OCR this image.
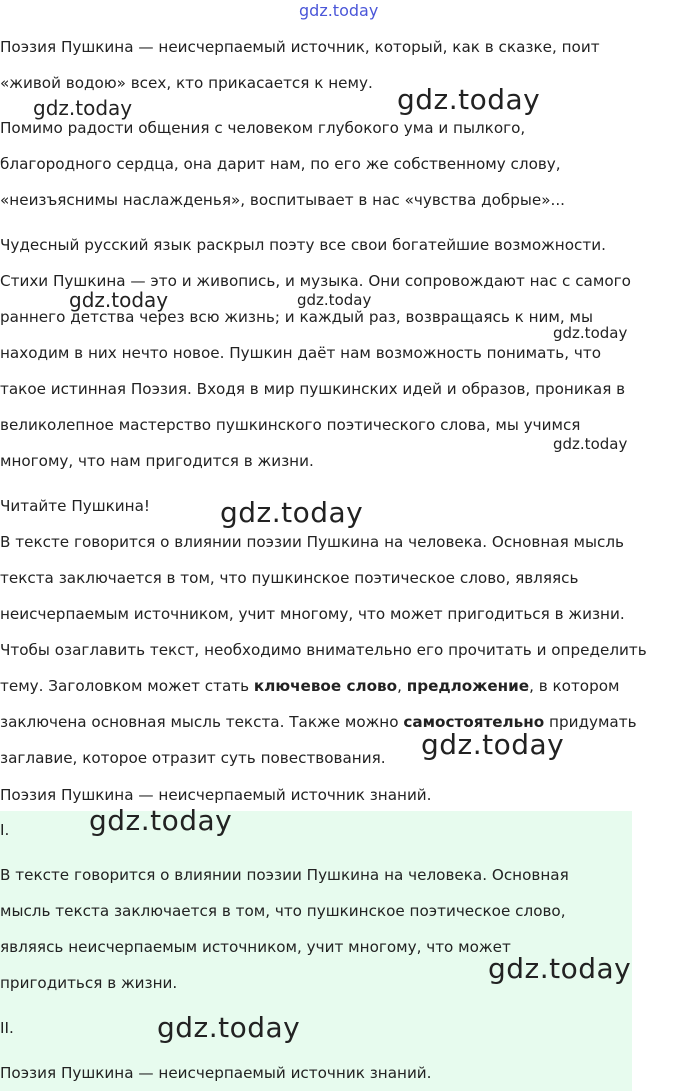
gdz.today
Поэзия Пушкина — неисчерпаемый источник, который, как в сказке, поит
«живой водою» всех, кто прикасается к нему.
Помимо радости общения с человеком глубокого ума и пылкого,
благородного сердца, она дарит нам, по его же собственному слову,
«неизъяснимы наслажденья», воспитывает в нас «чувства добрые»...
Чудесный русский язык раскрыл поэту все свои богатейшие возможности.
Стихи Пушкина — это и живопись, и музыка. Они сопровождают нас с самого
раннего детства через всю жизнь; и каждый раз, возвращаясь к ним, мы
находим в них нечто новое. Пушкин даёт нам возможность понимать, что
такое истинная Поэзия. Входя в мир пушкинских идей и образов, проникая в
великолепное мастерство пушкинского поэтического слова, мы учимся
многому, что нам пригодится в жизни.
Читайте Пушкина!
В тексте говорится о влиянии поэзии Пушкина на человека. Основная мысль
текста заключается в том, что пушкинское поэтическое слово, являясь
неисчерпаемым источником, учит многому, что может пригодиться в жизни.
Чтобы озаглавить текст, необходимо внимательно его прочитать и определить
тему. Заголовком может стать ключевое слово, предложение, в котором
заключена основная мысль текста. Также можно самостоятельно придумать
заглавие, которое отразит суть повествования.
Поэзия Пушкина — неисчерпаемый источник знаний.
I.
В тексте говорится о влиянии поэзии Пушкина на человека. Основная
мысль текста заключается в том, что пушкинское поэтическое слово,
являясь неисчерпаемым источником, учит многому, что может
пригодиться в жизни.
II.
Поэзия Пушкина — неисчерпаемый источник знаний.
gdz.today	gdz.today
gdz.today	gdz.today
gdz.today
gdz.today
gdz.today
gdz.today
gdz.today
gdz.today
gdz.today
